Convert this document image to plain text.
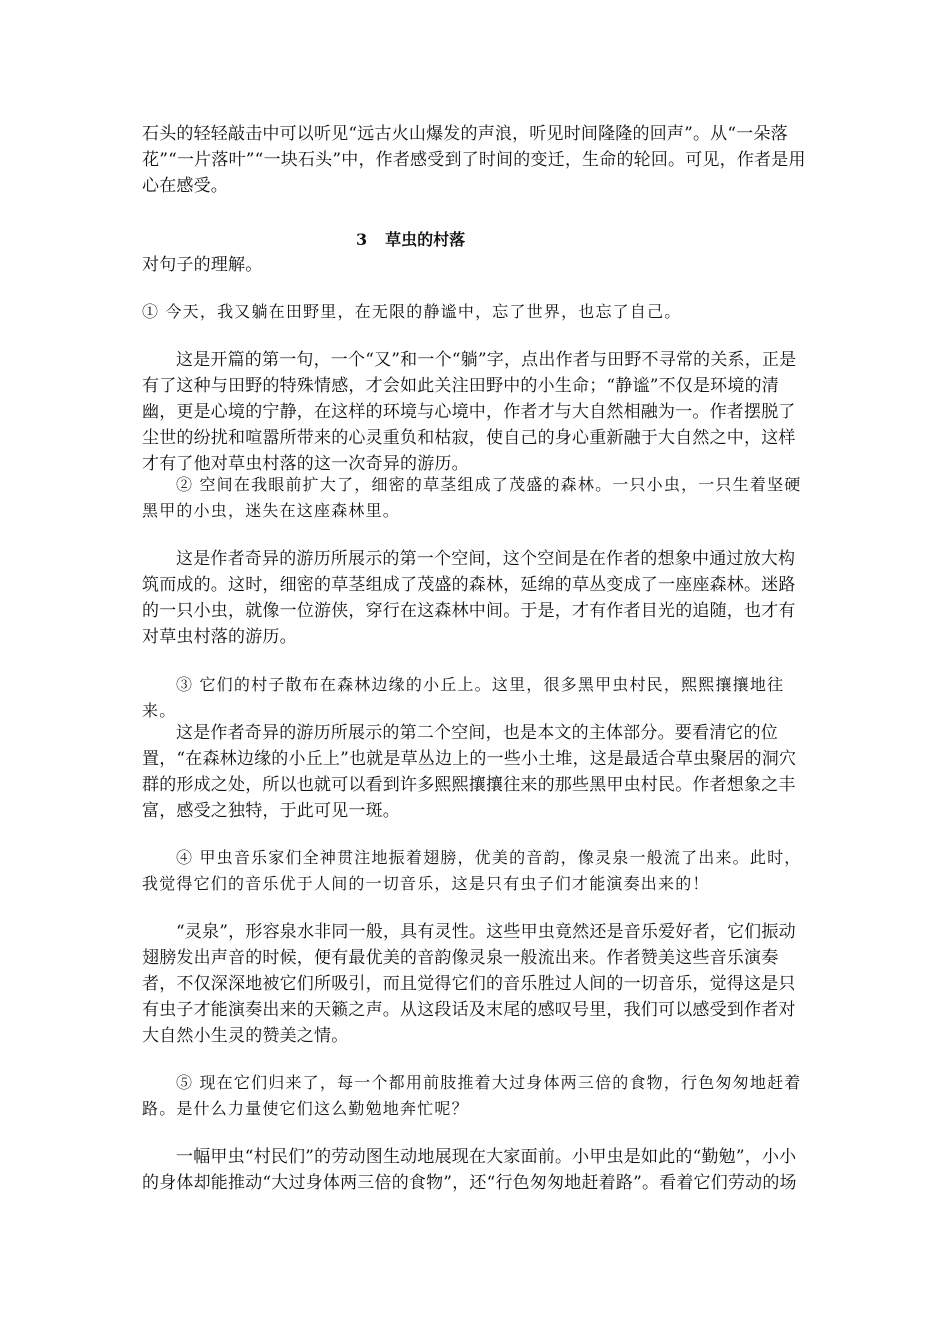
石头的轻轻敲击中可以听见“远古火山爆发的声浪，听见时间隆隆的回声”。从“一朵落花”“一片落叶”“一块石头”中，作者感受到了时间的变迁，生命的轮回。可见，作者是用心在感受。

3 草虫的村落

对句子的理解。

① 今天，我又躺在田野里，在无限的静谧中，忘了世界，也忘了自己。

这是开篇的第一句，一个“又”和一个“躺”字，点出作者与田野不寻常的关系，正是有了这种与田野的特殊情感，才会如此关注田野中的小生命；“静谧”不仅是环境的清幽，更是心境的宁静，在这样的环境与心境中，作者才与大自然相融为一。作者摆脱了尘世的纷扰和喧嚣所带来的心灵重负和枯寂，使自己的身心重新融于大自然之中，这样才有了他对草虫村落的这一次奇异的游历。

② 空间在我眼前扩大了，细密的草茎组成了茂盛的森林。一只小虫，一只生着坚硬黑甲的小虫，迷失在这座森林里。

这是作者奇异的游历所展示的第一个空间，这个空间是在作者的想象中通过放大构筑而成的。这时，细密的草茎组成了茂盛的森林，延绵的草丛变成了一座座森林。迷路的一只小虫，就像一位游侠，穿行在这森林中间。于是，才有作者目光的追随，也才有对草虫村落的游历。

③ 它们的村子散布在森林边缘的小丘上。这里，很多黑甲虫村民，熙熙攘攘地往来。

这是作者奇异的游历所展示的第二个空间，也是本文的主体部分。要看清它的位置，“在森林边缘的小丘上”也就是草丛边上的一些小土堆，这是最适合草虫聚居的洞穴群的形成之处，所以也就可以看到许多熙熙攘攘往来的那些黑甲虫村民。作者想象之丰富，感受之独特，于此可见一斑。

④ 甲虫音乐家们全神贯注地振着翅膀，优美的音韵，像灵泉一般流了出来。此时，我觉得它们的音乐优于人间的一切音乐，这是只有虫子们才能演奏出来的！

“灵泉”，形容泉水非同一般，具有灵性。这些甲虫竟然还是音乐爱好者，它们振动翅膀发出声音的时候，便有最优美的音韵像灵泉一般流出来。作者赞美这些音乐演奏者，不仅深深地被它们所吸引，而且觉得它们的音乐胜过人间的一切音乐，觉得这是只有虫子才能演奏出来的天籁之声。从这段话及末尾的感叹号里，我们可以感受到作者对大自然小生灵的赞美之情。

⑤ 现在它们归来了，每一个都用前肢推着大过身体两三倍的食物，行色匆匆地赶着路。是什么力量使它们这么勤勉地奔忙呢？

一幅甲虫“村民们”的劳动图生动地展现在大家面前。小甲虫是如此的“勤勉”，小小的身体却能推动“大过身体两三倍的食物”，还“行色匆匆地赶着路”。看着它们劳动的场
